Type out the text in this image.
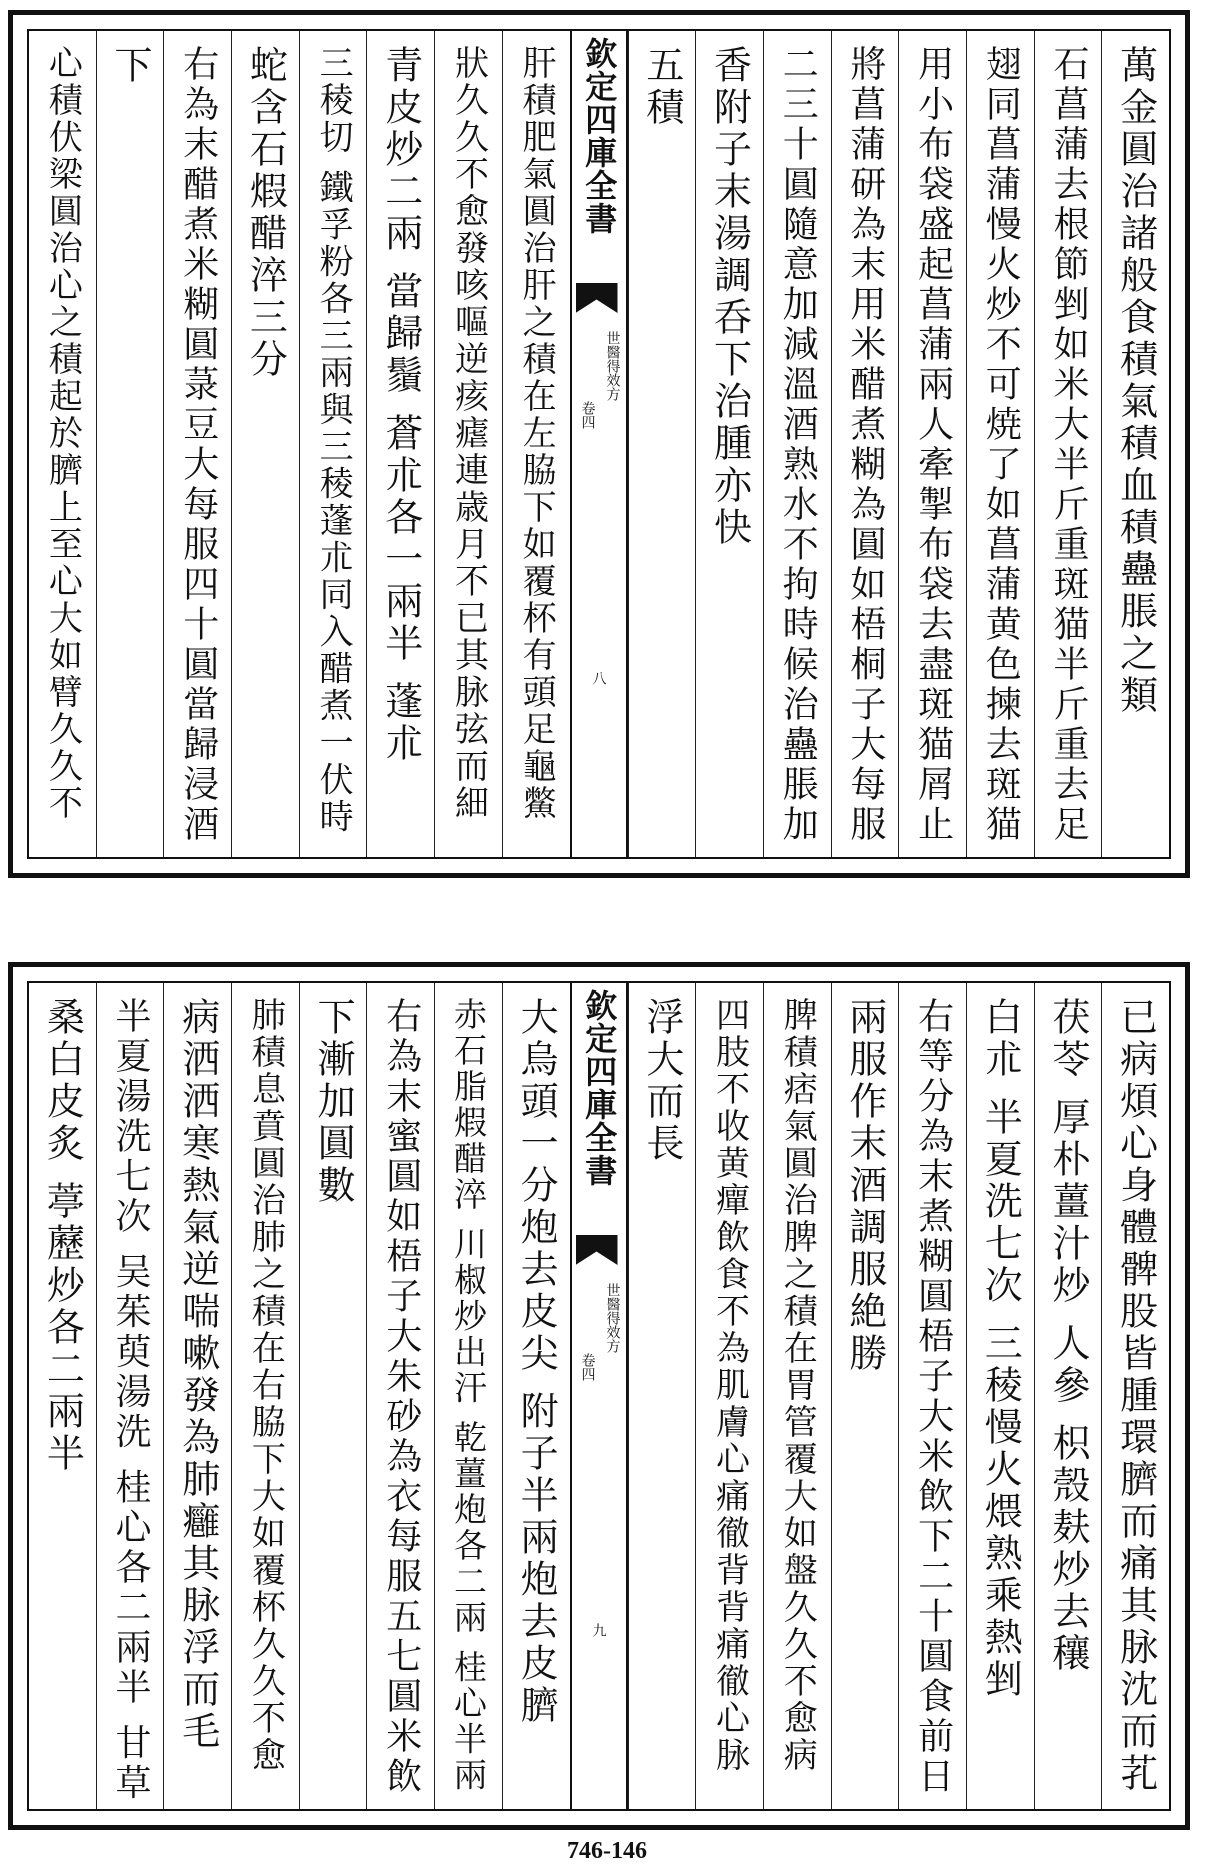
萬金圓治諸般食積氣積血積蠱脹之類
石菖蒲去根節剉如米大半斤重斑猫半斤重去足
翅同菖蒲慢火炒不可焼了如菖蒲黄色揀去斑猫
用小布袋盛起菖蒲兩人牽掣布袋去盡斑猫屑止
將菖蒲研為末用米醋煮糊為圓如梧桐子大每服
二三十圓隨意加減溫酒熟水不拘時候治蠱脹加
香附子末湯調呑下治腫亦快
五積
欽定四庫全書
世醫得效方
卷四
八
肝積肥氣圓治肝之積在左脇下如覆杯有頭足龜鱉
狀久久不愈發咳嘔逆痎瘧連歳月不已其脉弦而細
青皮炒二兩 當歸鬚 蒼朮各一兩半 蓬朮
三稜切 鐵孚粉各三兩與三稜蓬朮同入醋煮一伏時
蛇含石煆醋淬三分
右為末醋煮米糊圓菉豆大每服四十圓當歸浸酒
下
心積伏梁圓治心之積起於臍上至心大如臂久久不
已病煩心身體髀股皆腫環臍而痛其脉沈而芤
茯苓 厚朴薑汁炒 人參 枳殼麸炒去穰
白朮 半夏洗七次 三稜慢火煨熟乘熱剉
右等分為末煮糊圓梧子大米飲下二十圓食前日
兩服作末酒調服絶勝
脾積痞氣圓治脾之積在胃管覆大如盤久久不愈病
四肢不收黄癉飲食不為肌膚心痛徹背背痛徹心脉
浮大而長
欽定四庫全書
世醫得效方
卷四
九
大烏頭一分炮去皮尖 附子半兩炮去皮臍
赤石脂煆醋淬 川椒炒出汗 乾薑炮各二兩 桂心半兩
右為末蜜圓如梧子大朱砂為衣每服五七圓米飲
下漸加圓數
肺積息賁圓治肺之積在右脇下大如覆杯久久不愈
病洒洒寒熱氣逆喘嗽發為肺癰其脉浮而毛
半夏湯洗七次 吴茱萸湯洗 桂心各二兩半 甘草
桑白皮炙 葶藶炒各二兩半
746-146
